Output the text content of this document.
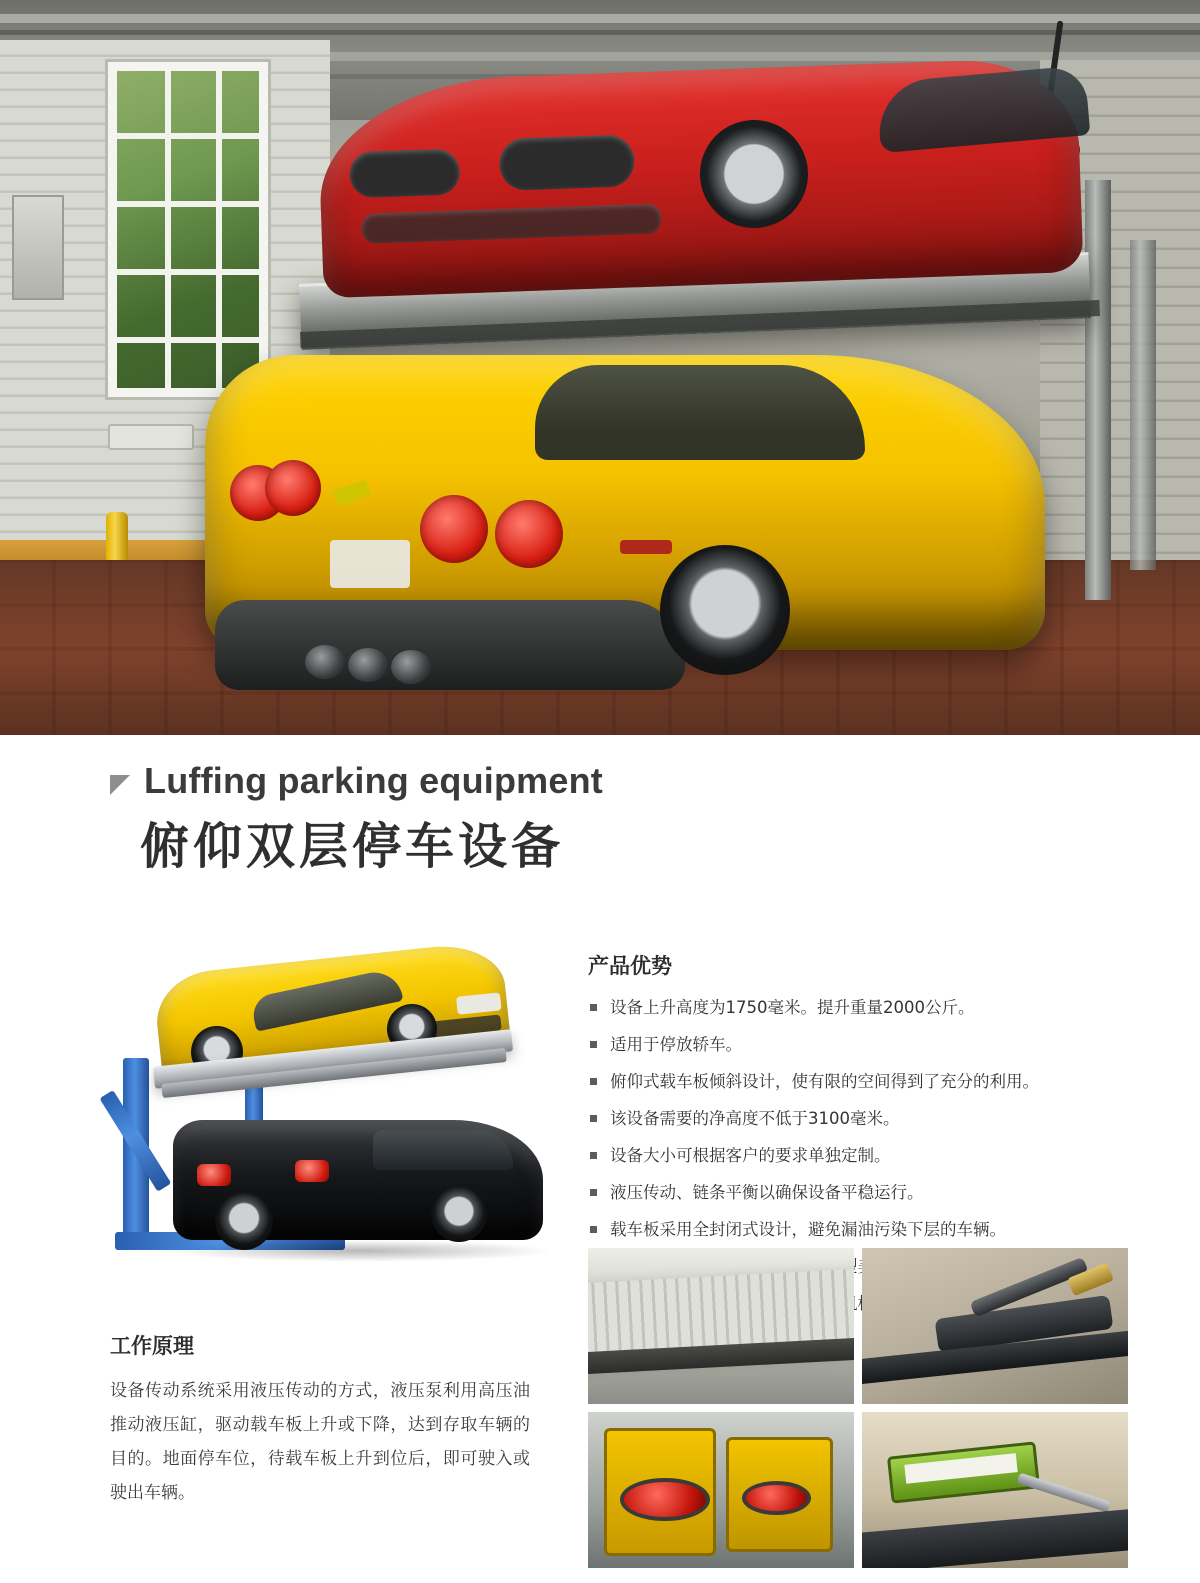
Luffing parking equipment
俯仰双层停车设备
工作原理
设备传动系统采用液压传动的方式，液压泵利用高压油推动液压缸，驱动载车板上升或下降，达到存取车辆的目的。地面停车位，待载车板上升到位后，即可驶入或驶出车辆。
产品优势
设备上升高度为1750毫米。提升重量2000公斤。
适用于停放轿车。
俯仰式载车板倾斜设计，使有限的空间得到了充分的利用。
该设备需要的净高度不低于3100毫米。
设备大小可根据客户的要求单独定制。
液压传动、链条平衡以确保设备平稳运行。
载车板采用全封闭式设计，避免漏油污染下层的车辆。
